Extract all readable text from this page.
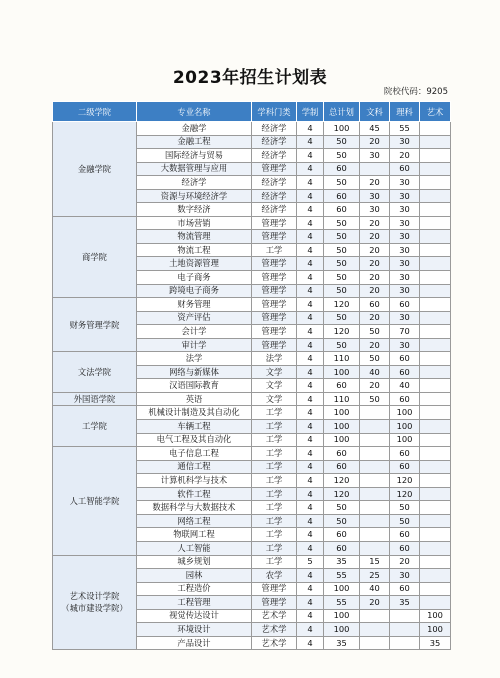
2023年招生计划表
院校代码：9205
二级学院	专业名称	学科门类	学制	总计划	文科	理科	艺术

金融学院	金融学	经济学	4	100	45	55	
	金融工程	经济学	4	50	20	30	
	国际经济与贸易	经济学	4	50	30	20	
	大数据管理与应用	管理学	4	60		60	
	经济学	经济学	4	50	20	30	
	资源与环境经济学	经济学	4	60	30	30	
	数字经济	经济学	4	60	30	30	

商学院	市场营销	管理学	4	50	20	30	
	物流管理	管理学	4	50	20	30	
	物流工程	工学	4	50	20	30	
	土地资源管理	管理学	4	50	20	30	
	电子商务	管理学	4	50	20	30	
	跨境电子商务	管理学	4	50	20	30	

财务管理学院	财务管理	管理学	4	120	60	60	
	资产评估	管理学	4	50	20	30	
	会计学	管理学	4	120	50	70	
	审计学	管理学	4	50	20	30	

文法学院	法学	法学	4	110	50	60	
	网络与新媒体	文学	4	100	40	60	
	汉语国际教育	文学	4	60	20	40	

外国语学院	英语	文学	4	110	50	60	

工学院	机械设计制造及其自动化	工学	4	100		100	
	车辆工程	工学	4	100		100	
	电气工程及其自动化	工学	4	100		100	

人工智能学院	电子信息工程	工学	4	60		60	
	通信工程	工学	4	60		60	
	计算机科学与技术	工学	4	120		120	
	软件工程	工学	4	120		120	
	数据科学与大数据技术	工学	4	50		50	
	网络工程	工学	4	50		50	
	物联网工程	工学	4	60		60	
	人工智能	工学	4	60		60	

艺术设计学院
（城市建设学院）	城乡规划	工学	5	35	15	20	
	园林	农学	4	55	25	30	
	工程造价	管理学	4	100	40	60	
	工程管理	管理学	4	55	20	35	
	视觉传达设计	艺术学	4	100			100
	环境设计	艺术学	4	100			100
	产品设计	艺术学	4	35			35
